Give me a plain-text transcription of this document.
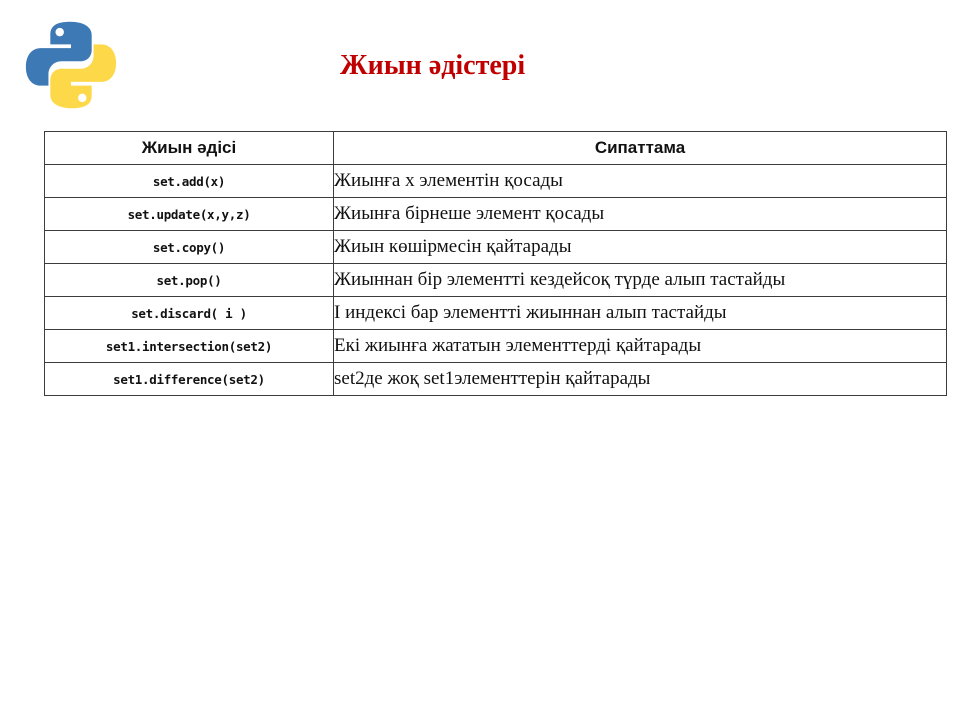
Жиын әдістері
Жиын әдісі	Сипаттама
set.add(x)	Жиынға x элементін қосады
set.update(x,y,z)	Жиынға бірнеше элемент қосады
set.copy()	Жиын көшірмесін қайтарады
set.pop()	Жиыннан бір элементті кездейсоқ түрде алып тастайды
set.discard( i )	I индексі бар элементті жиыннан алып тастайды
set1.intersection(set2)	Екі жиынға жататын элементтерді қайтарады
set1.difference(set2)	set2де жоқ set1элементтерін қайтарады
